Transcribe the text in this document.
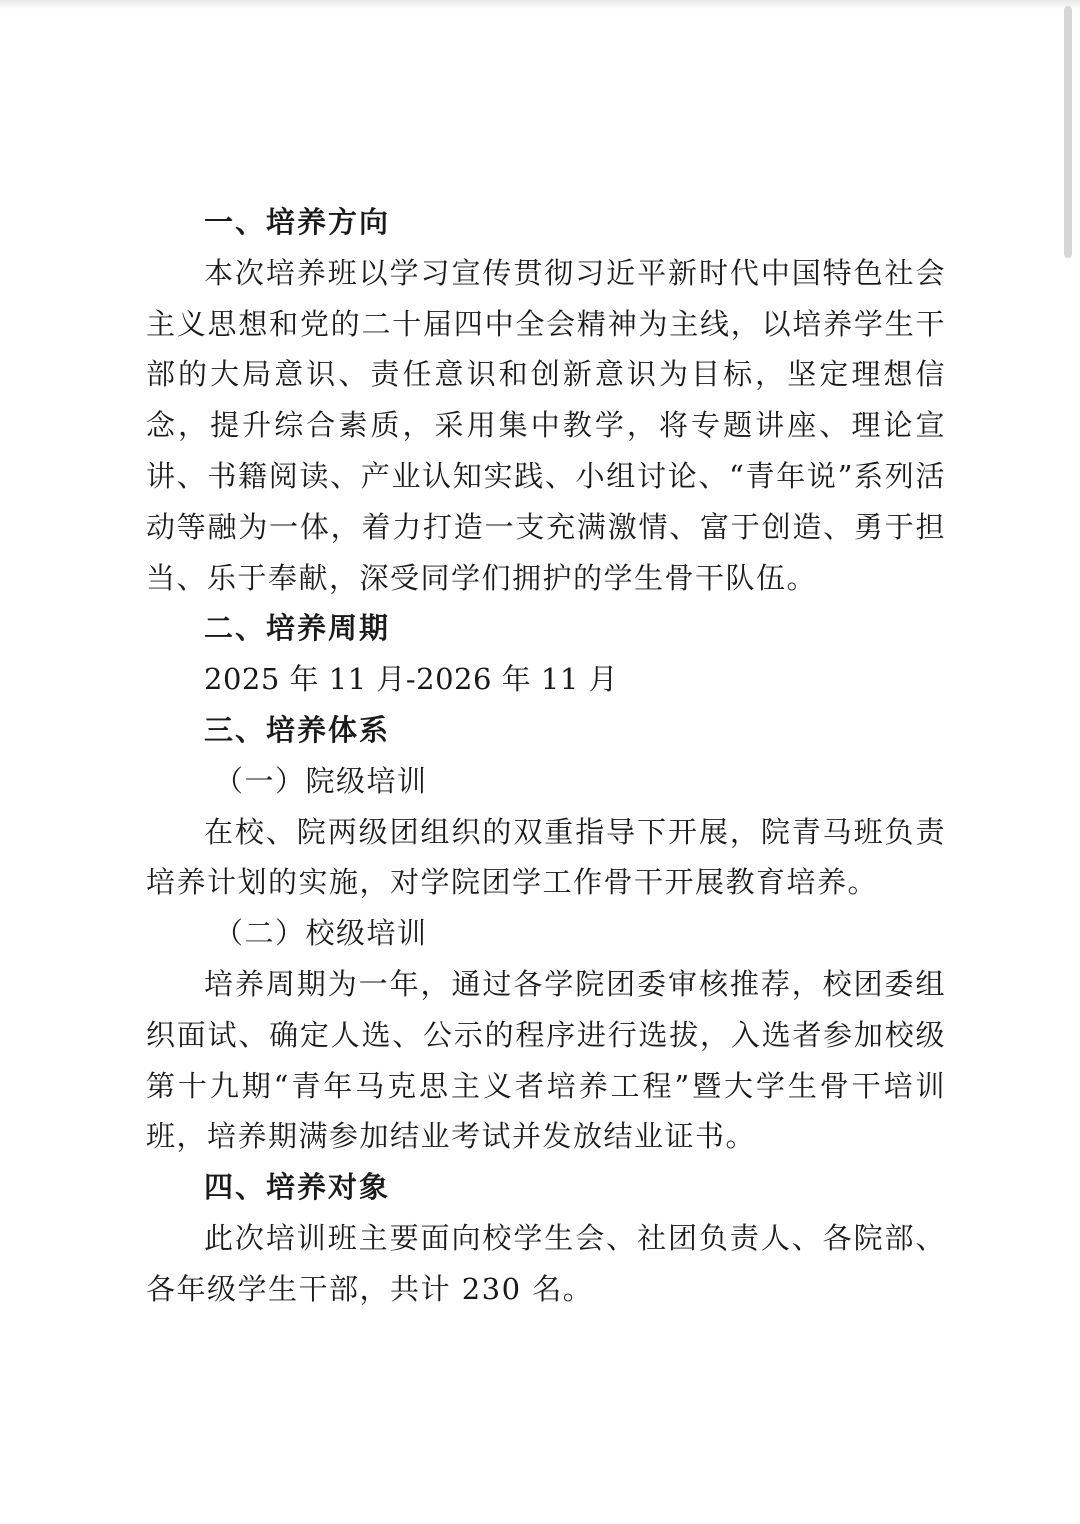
一、培养方向

本次培养班以学习宣传贯彻习近平新时代中国特色社会主义思想和党的二十届四中全会精神为主线，以培养学生干部的大局意识、责任意识和创新意识为目标，坚定理想信念，提升综合素质，采用集中教学，将专题讲座、理论宣讲、书籍阅读、产业认知实践、小组讨论、“青年说”系列活动等融为一体，着力打造一支充满激情、富于创造、勇于担当、乐于奉献，深受同学们拥护的学生骨干队伍。

二、培养周期
2025 年 11 月-2026 年 11 月
三、培养体系
（一）院级培训

在校、院两级团组织的双重指导下开展，院青马班负责培养计划的实施，对学院团学工作骨干开展教育培养。

（二）校级培训

培养周期为一年，通过各学院团委审核推荐，校团委组织面试、确定人选、公示的程序进行选拔，入选者参加校级第十九期“青年马克思主义者培养工程”暨大学生骨干培训班，培养期满参加结业考试并发放结业证书。

四、培养对象

此次培训班主要面向校学生会、社团负责人、各院部、各年级学生干部，共计 230 名。
